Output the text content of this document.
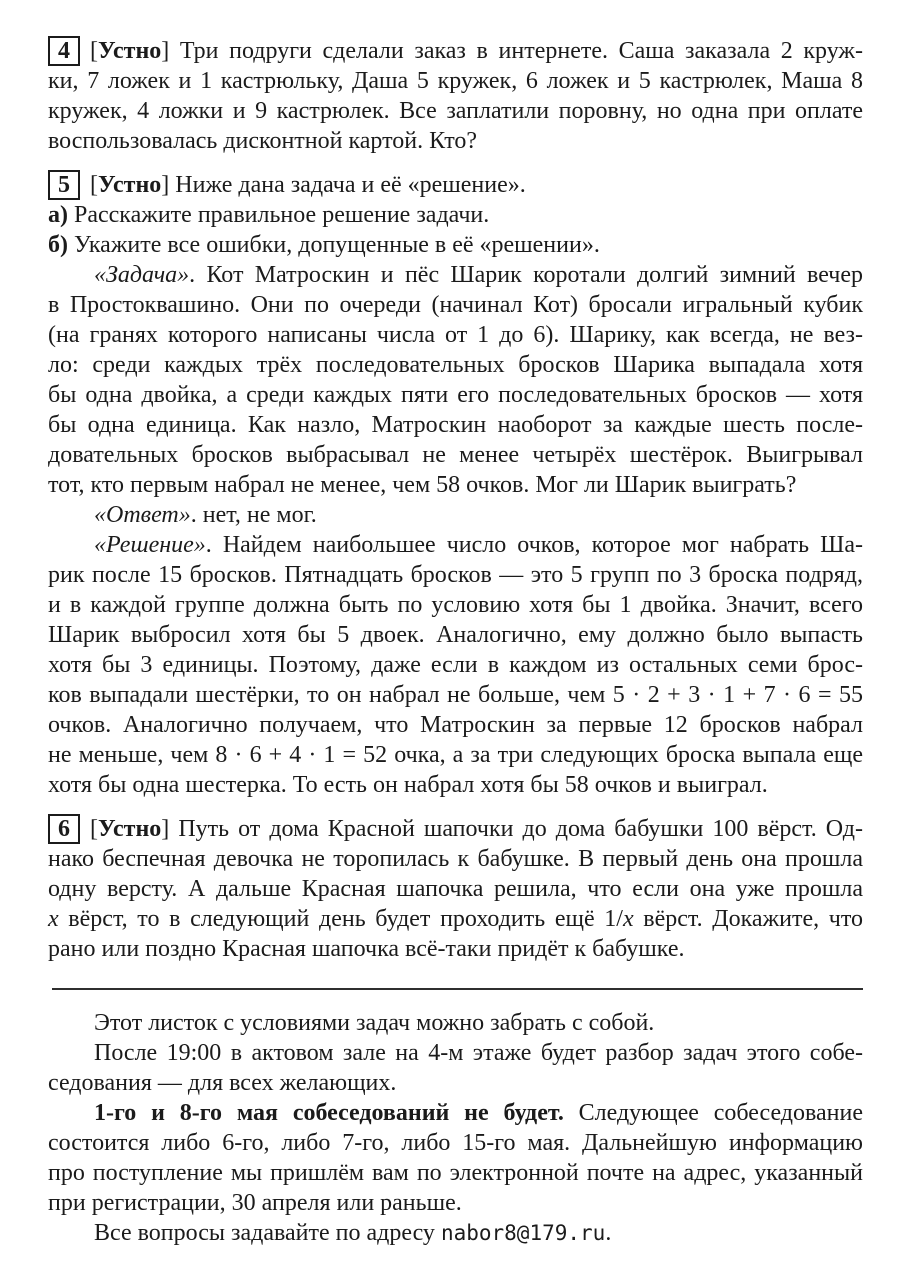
4 [Устно] Три подруги сделали заказ в интернете. Саша заказала 2 круж-
ки, 7 ложек и 1 кастрюльку, Даша 5 кружек, 6 ложек и 5 кастрюлек, Маша 8
кружек, 4 ложки и 9 кастрюлек. Все заплатили поровну, но одна при оплате
воспользовалась дисконтной картой. Кто?
5 [Устно] Ниже дана задача и её «решение».
а) Расскажите правильное решение задачи.
б) Укажите все ошибки, допущенные в её «решении».
«Задача». Кот Матроскин и пёс Шарик коротали долгий зимний вечер
в Простоквашино. Они по очереди (начинал Кот) бросали игральный кубик
(на гранях которого написаны числа от 1 до 6). Шарику, как всегда, не вез-
ло: среди каждых трёх последовательных бросков Шарика выпадала хотя
бы одна двойка, а среди каждых пяти его последовательных бросков — хотя
бы одна единица. Как назло, Матроскин наоборот за каждые шесть после-
довательных бросков выбрасывал не менее четырёх шестёрок. Выигрывал
тот, кто первым набрал не менее, чем 58 очков. Мог ли Шарик выиграть?
«Ответ». нет, не мог.
«Решение». Найдем наибольшее число очков, которое мог набрать Ша-
рик после 15 бросков. Пятнадцать бросков — это 5 групп по 3 броска подряд,
и в каждой группе должна быть по условию хотя бы 1 двойка. Значит, всего
Шарик выбросил хотя бы 5 двоек. Аналогично, ему должно было выпасть
хотя бы 3 единицы. Поэтому, даже если в каждом из остальных семи брос-
ков выпадали шестёрки, то он набрал не больше, чем 5 · 2 + 3 · 1 + 7 · 6 = 55
очков. Аналогично получаем, что Матроскин за первые 12 бросков набрал
не меньше, чем 8 · 6 + 4 · 1 = 52 очка, а за три следующих броска выпала еще
хотя бы одна шестерка. То есть он набрал хотя бы 58 очков и выиграл.
6 [Устно] Путь от дома Красной шапочки до дома бабушки 100 вёрст. Од-
нако беспечная девочка не торопилась к бабушке. В первый день она прошла
одну версту. А дальше Красная шапочка решила, что если она уже прошла
x вёрст, то в следующий день будет проходить ещё 1/x вёрст. Докажите, что
рано или поздно Красная шапочка всё-таки придёт к бабушке.
Этот листок с условиями задач можно забрать с собой.
После 19:00 в актовом зале на 4-м этаже будет разбор задач этого собе-
седования — для всех желающих.
1-го и 8-го мая собеседований не будет. Следующее собеседование
состоится либо 6-го, либо 7-го, либо 15-го мая. Дальнейшую информацию
про поступление мы пришлём вам по электронной почте на адрес, указанный
при регистрации, 30 апреля или раньше.
Все вопросы задавайте по адресу nabor8@179.ru.
